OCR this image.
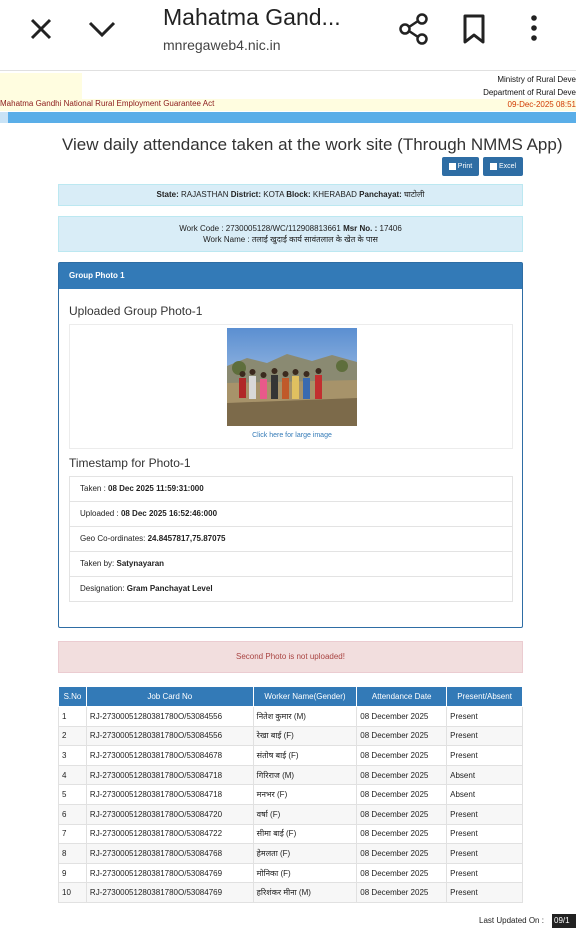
Mahatma Gand...
mnregaweb4.nic.in
Mahatma Gandhi National Rural Employment Guarantee Act
Ministry of Rural Deve
Department of Rural Deve
09-Dec-2025 08:51
View daily attendance taken at the work site (Through NMMS App)
Print	Excel
State: RAJASTHAN District: KOTA Block: KHERABAD Panchayat: घाटोली
Work Code : 2730005128/WC/112908813661 Msr No. : 17406
Work Name : तलाई खुदाई कार्य सावंतलाल के खेत के पास
Group Photo 1
Uploaded Group Photo-1
Click here for large image
Timestamp for Photo-1
Taken : 08 Dec 2025 11:59:31:000
Uploaded : 08 Dec 2025 16:52:46:000
Geo Co-ordinates: 24.8457817,75.87075
Taken by: Satynayaran
Designation: Gram Panchayat Level
Second Photo is not uploaded!
S.No	Job Card No	Worker Name(Gender)	Attendance Date	Present/Absent
1	RJ-27300051280381780O/53084556	नितेश कुमार (M)	08 December 2025	Present
2	RJ-27300051280381780O/53084556	रेखा बाई (F)	08 December 2025	Present
3	RJ-27300051280381780O/53084678	संतोष बाई (F)	08 December 2025	Present
4	RJ-27300051280381780O/53084718	गिरिराज (M)	08 December 2025	Absent
5	RJ-27300051280381780O/53084718	मनभर (F)	08 December 2025	Absent
6	RJ-27300051280381780O/53084720	वर्षा (F)	08 December 2025	Present
7	RJ-27300051280381780O/53084722	सीमा बाई (F)	08 December 2025	Present
8	RJ-27300051280381780O/53084768	हेमलता (F)	08 December 2025	Present
9	RJ-27300051280381780O/53084769	मोनिका (F)	08 December 2025	Present
10	RJ-27300051280381780O/53084769	हरिशंकर मीना (M)	08 December 2025	Present
Last Updated On : 09/1
